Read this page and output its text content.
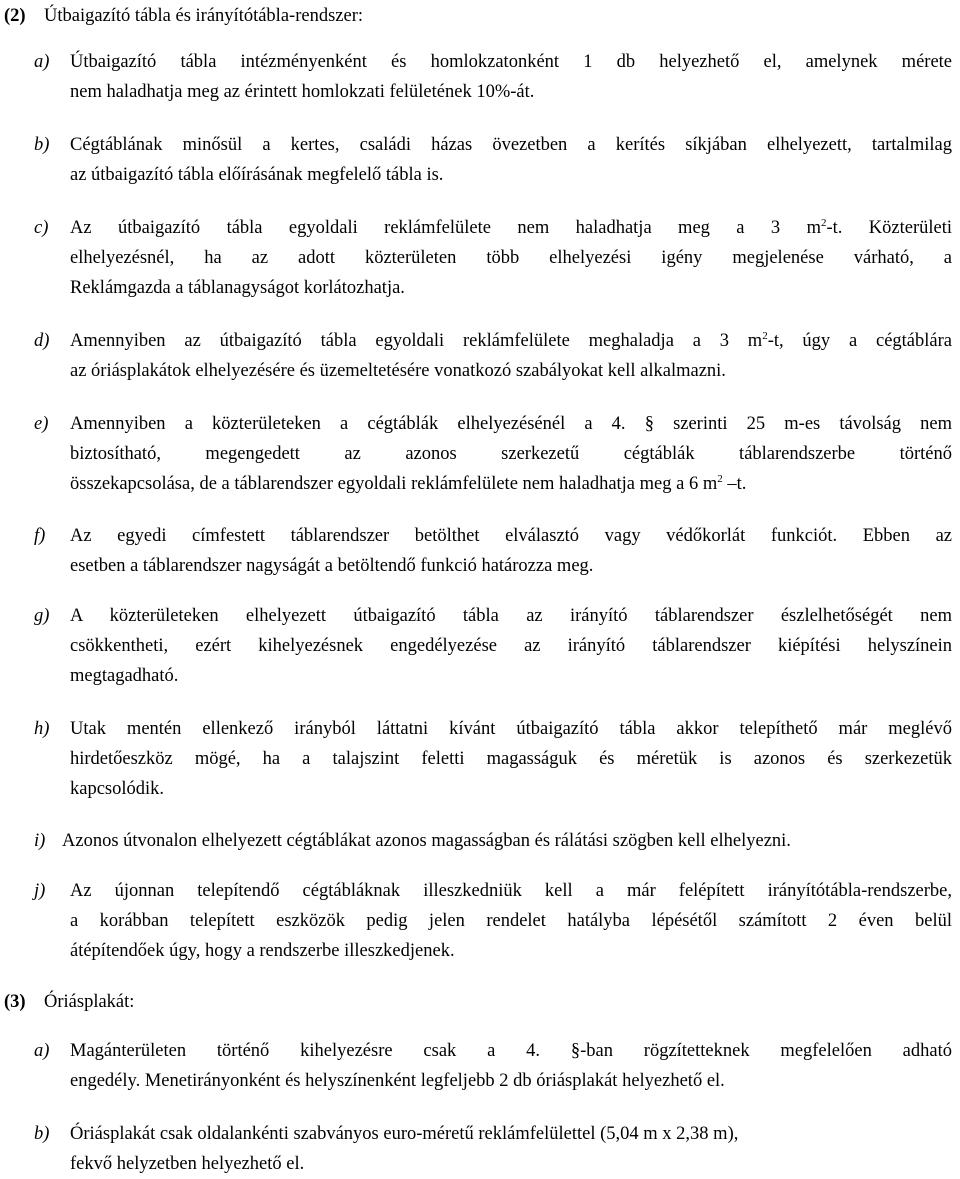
(2) Útbaigazító tábla és irányítótábla-rendszer:
a) Útbaigazító tábla intézményenként és homlokzatonként 1 db helyezhető el, amelynek mérete
nem haladhatja meg az érintett homlokzati felületének 10%-át.
b) Cégtáblának minősül a kertes, családi házas övezetben a kerítés síkjában elhelyezett, tartalmilag
az útbaigazító tábla előírásának megfelelő tábla is.
c) Az útbaigazító tábla egyoldali reklámfelülete nem haladhatja meg a 3 $m^2-t$. Közterületi
elhelyezésnél, ha az adott közterületen több elhelyezési igény megjelenése várható, a
Reklámgazda a táblanagyságot korlátozhatja.
d) Amennyiben az útbaigazító tábla egyoldali reklámfelülete meghaladja a 3 $m^2-t$, úgy a cégtáblára
az óriásplakátok elhelyezésére és üzemeltetésére vonatkozó szabályokat kell alkalmazni.
e) Amennyiben a közterületeken a cégtáblák elhelyezésénél a 4. § szerinti 25 m-es távolság nem
biztosítható, megengedett az azonos szerkezetű cégtáblák táblarendszerbe történő
összekapcsolása, de a táblarendszer egyoldali reklámfelülete nem haladhatja meg a 6 $m^2$ –t.
f) Az egyedi címfestett táblarendszer betölthet elválasztó vagy védőkorlát funkciót. Ebben az
esetben a táblarendszer nagyságát a betöltendő funkció határozza meg.
g) A közterületeken elhelyezett útbaigazító tábla az irányító táblarendszer észlelhetőségét nem
csökkentheti, ezért kihelyezésnek engedélyezése az irányító táblarendszer kiépítési helyszínein
megtagadható.
h) Utak mentén ellenkező irányból láttatni kívánt útbaigazító tábla akkor telepíthető már meglévő
hirdetőeszköz mögé, ha a talajszint feletti magasságuk és méretük is azonos és szerkezetük
kapcsolódik.
i) Azonos útvonalon elhelyezett cégtáblákat azonos magasságban és rálátási szögben kell elhelyezni.
j) Az újonnan telepítendő cégtábláknak illeszkedniük kell a már felépített irányítótábla-rendszerbe,
a korábban telepített eszközök pedig jelen rendelet hatályba lépésétől számított 2 éven belül
átépítendőek úgy, hogy a rendszerbe illeszkedjenek.
(3) Óriásplakát:
a) Magánterületen történő kihelyezésre csak a 4. §-ban rögzítetteknek megfelelően adható
engedély. Menetirányonként és helyszínenként legfeljebb 2 db óriásplakát helyezhető el.
b) Óriásplakát csak oldalankénti szabványos euro-méretű reklámfelülettel (5,04 m x 2,38 m),
fekvő helyzetben helyezhető el.
